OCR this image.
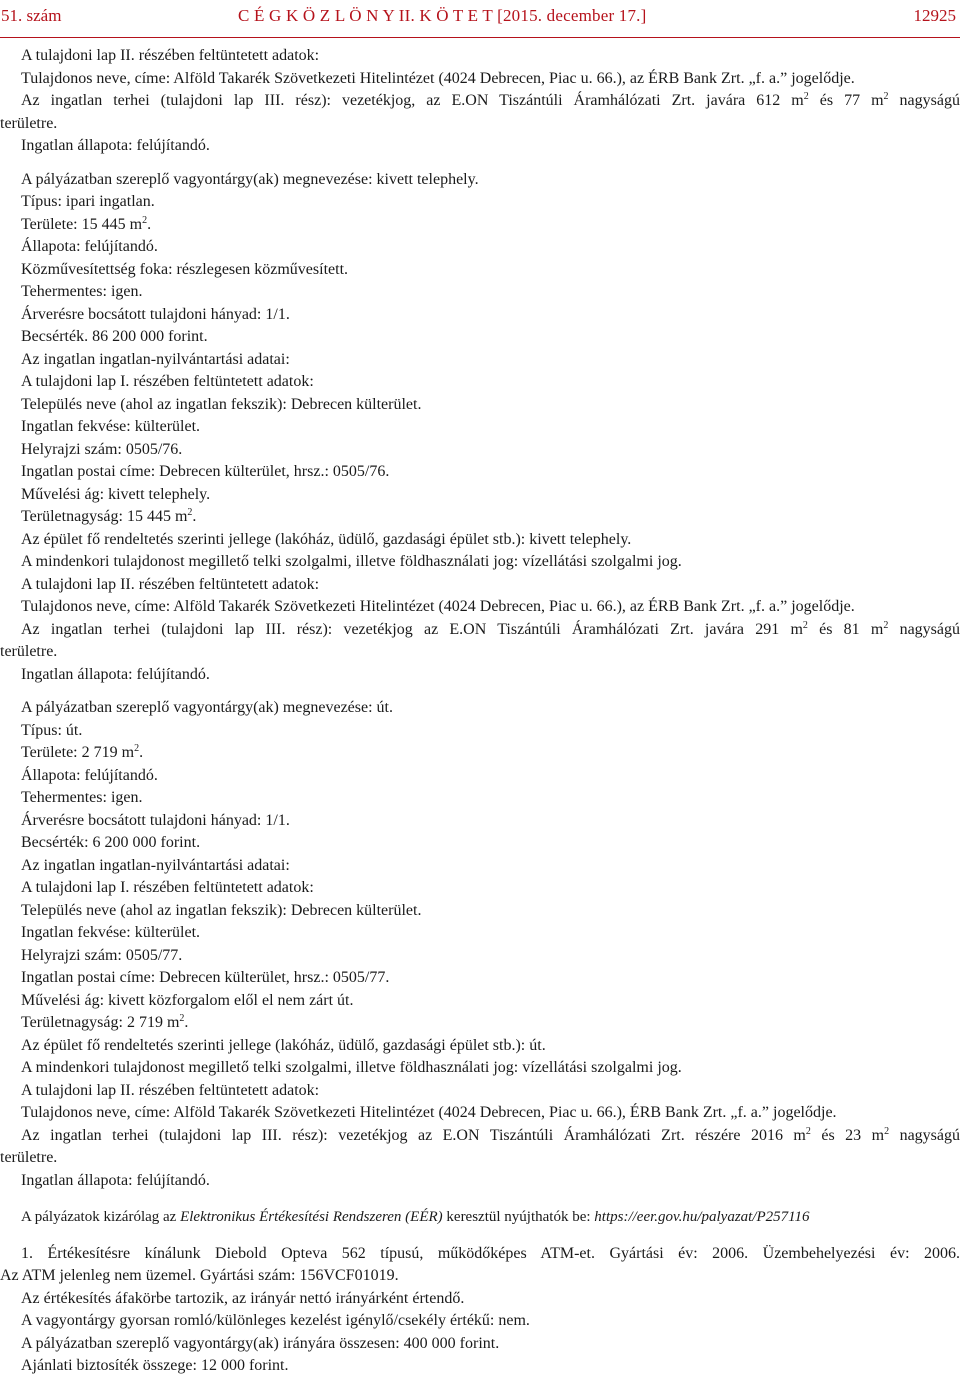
51. szám	C É G K Ö Z L Ö N Y II. K Ö T E T [2015. december 17.]	12925

A tulajdoni lap II. részében feltüntetett adatok:

Tulajdonos neve, címe: Alföld Takarék Szövetkezeti Hitelintézet (4024 Debrecen, Piac u. 66.), az ÉRB Bank Zrt. „f. a.” jogelődje.

Az ingatlan terhei (tulajdoni lap III. rész): vezetékjog, az E.ON Tiszántúli Áramhálózati Zrt. javára 612 $m^2$ és 77 $m^2$ nagyságú

területre.

Ingatlan állapota: felújítandó.

A pályázatban szereplő vagyontárgy(ak) megnevezése: kivett telephely.

Típus: ipari ingatlan.

Területe: 15 445 $m^2$.

Állapota: felújítandó.

Közművesítettség foka: részlegesen közművesített.

Tehermentes: igen.

Árverésre bocsátott tulajdoni hányad: 1/1.

Becsérték. 86 200 000 forint.

Az ingatlan ingatlan-nyilvántartási adatai:

A tulajdoni lap I. részében feltüntetett adatok:

Település neve (ahol az ingatlan fekszik): Debrecen külterület.

Ingatlan fekvése: külterület.

Helyrajzi szám: 0505/76.

Ingatlan postai címe: Debrecen külterület, hrsz.: 0505/76.

Művelési ág: kivett telephely.

Területnagyság: 15 445 $m^2$.

Az épület fő rendeltetés szerinti jellege (lakóház, üdülő, gazdasági épület stb.): kivett telephely.

A mindenkori tulajdonost megillető telki szolgalmi, illetve földhasználati jog: vízellátási szolgalmi jog.

A tulajdoni lap II. részében feltüntetett adatok:

Tulajdonos neve, címe: Alföld Takarék Szövetkezeti Hitelintézet (4024 Debrecen, Piac u. 66.), az ÉRB Bank Zrt. „f. a.” jogelődje.

Az ingatlan terhei (tulajdoni lap III. rész): vezetékjog az E.ON Tiszántúli Áramhálózati Zrt. javára 291 $m^2$ és 81 $m^2$ nagyságú

területre.

Ingatlan állapota: felújítandó.

A pályázatban szereplő vagyontárgy(ak) megnevezése: út.

Típus: út.

Területe: 2 719 $m^2$.

Állapota: felújítandó.

Tehermentes: igen.

Árverésre bocsátott tulajdoni hányad: 1/1.

Becsérték: 6 200 000 forint.

Az ingatlan ingatlan-nyilvántartási adatai:

A tulajdoni lap I. részében feltüntetett adatok:

Település neve (ahol az ingatlan fekszik): Debrecen külterület.

Ingatlan fekvése: külterület.

Helyrajzi szám: 0505/77.

Ingatlan postai címe: Debrecen külterület, hrsz.: 0505/77.

Művelési ág: kivett közforgalom elől el nem zárt út.

Területnagyság: 2 719 $m^2$.

Az épület fő rendeltetés szerinti jellege (lakóház, üdülő, gazdasági épület stb.): út.

A mindenkori tulajdonost megillető telki szolgalmi, illetve földhasználati jog: vízellátási szolgalmi jog.

A tulajdoni lap II. részében feltüntetett adatok:

Tulajdonos neve, címe: Alföld Takarék Szövetkezeti Hitelintézet (4024 Debrecen, Piac u. 66.), ÉRB Bank Zrt. „f. a.” jogelődje.

Az ingatlan terhei (tulajdoni lap III. rész): vezetékjog az E.ON Tiszántúli Áramhálózati Zrt. részére 2016 $m^2$ és 23 $m^2$ nagyságú

területre.

Ingatlan állapota: felújítandó.

A pályázatok kizárólag az Elektronikus Értékesítési Rendszeren (EÉR) keresztül nyújthatók be: https://eer.gov.hu/palyazat/P257116

1. Értékesítésre kínálunk Diebold Opteva 562 típusú, működőképes ATM-et. Gyártási év: 2006. Üzembehelyezési év: 2006.

Az ATM jelenleg nem üzemel. Gyártási szám: 156VCF01019.

Az értékesítés áfakörbe tartozik, az irányár nettó irányárként értendő.

A vagyontárgy gyorsan romló/különleges kezelést igénylő/csekély értékű: nem.

A pályázatban szereplő vagyontárgy(ak) irányára összesen: 400 000 forint.

Ajánlati biztosíték összege: 12 000 forint.
